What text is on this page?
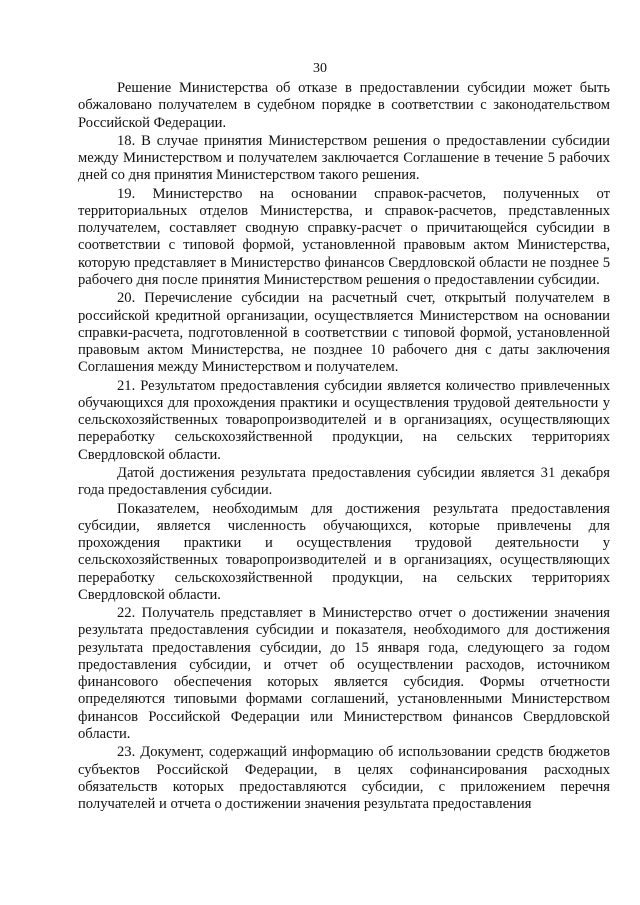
30

Решение Министерства об отказе в предоставлении субсидии может быть обжаловано получателем в судебном порядке в соответствии с законодательством Российской Федерации.

18. В случае принятия Министерством решения о предоставлении субсидии между Министерством и получателем заключается Соглашение в течение 5 рабочих дней со дня принятия Министерством такого решения.

19. Министерство на основании справок-расчетов, полученных от территориальных отделов Министерства, и справок-расчетов, представленных получателем, составляет сводную справку-расчет о причитающейся субсидии в соответствии с типовой формой, установленной правовым актом Министерства, которую представляет в Министерство финансов Свердловской области не позднее 5 рабочего дня после принятия Министерством решения о предоставлении субсидии.

20. Перечисление субсидии на расчетный счет, открытый получателем в российской кредитной организации, осуществляется Министерством на основании справки-расчета, подготовленной в соответствии с типовой формой, установленной правовым актом Министерства, не позднее 10 рабочего дня с даты заключения Соглашения между Министерством и получателем.

21. Результатом предоставления субсидии является количество привлеченных обучающихся для прохождения практики и осуществления трудовой деятельности у сельскохозяйственных товаропроизводителей и в организациях, осуществляющих переработку сельскохозяйственной продукции, на сельских территориях Свердловской области.

Датой достижения результата предоставления субсидии является 31 декабря года предоставления субсидии.

Показателем, необходимым для достижения результата предоставления субсидии, является численность обучающихся, которые привлечены для прохождения практики и осуществления трудовой деятельности у сельскохозяйственных товаропроизводителей и в организациях, осуществляющих переработку сельскохозяйственной продукции, на сельских территориях Свердловской области.

22. Получатель представляет в Министерство отчет о достижении значения результата предоставления субсидии и показателя, необходимого для достижения результата предоставления субсидии, до 15 января года, следующего за годом предоставления субсидии, и отчет об осуществлении расходов, источником финансового обеспечения которых является субсидия. Формы отчетности определяются типовыми формами соглашений, установленными Министерством финансов Российской Федерации или Министерством финансов Свердловской области.

23. Документ, содержащий информацию об использовании средств бюджетов субъектов Российской Федерации, в целях софинансирования расходных обязательств которых предоставляются субсидии, с приложением перечня получателей и отчета о достижении значения результата предоставления
